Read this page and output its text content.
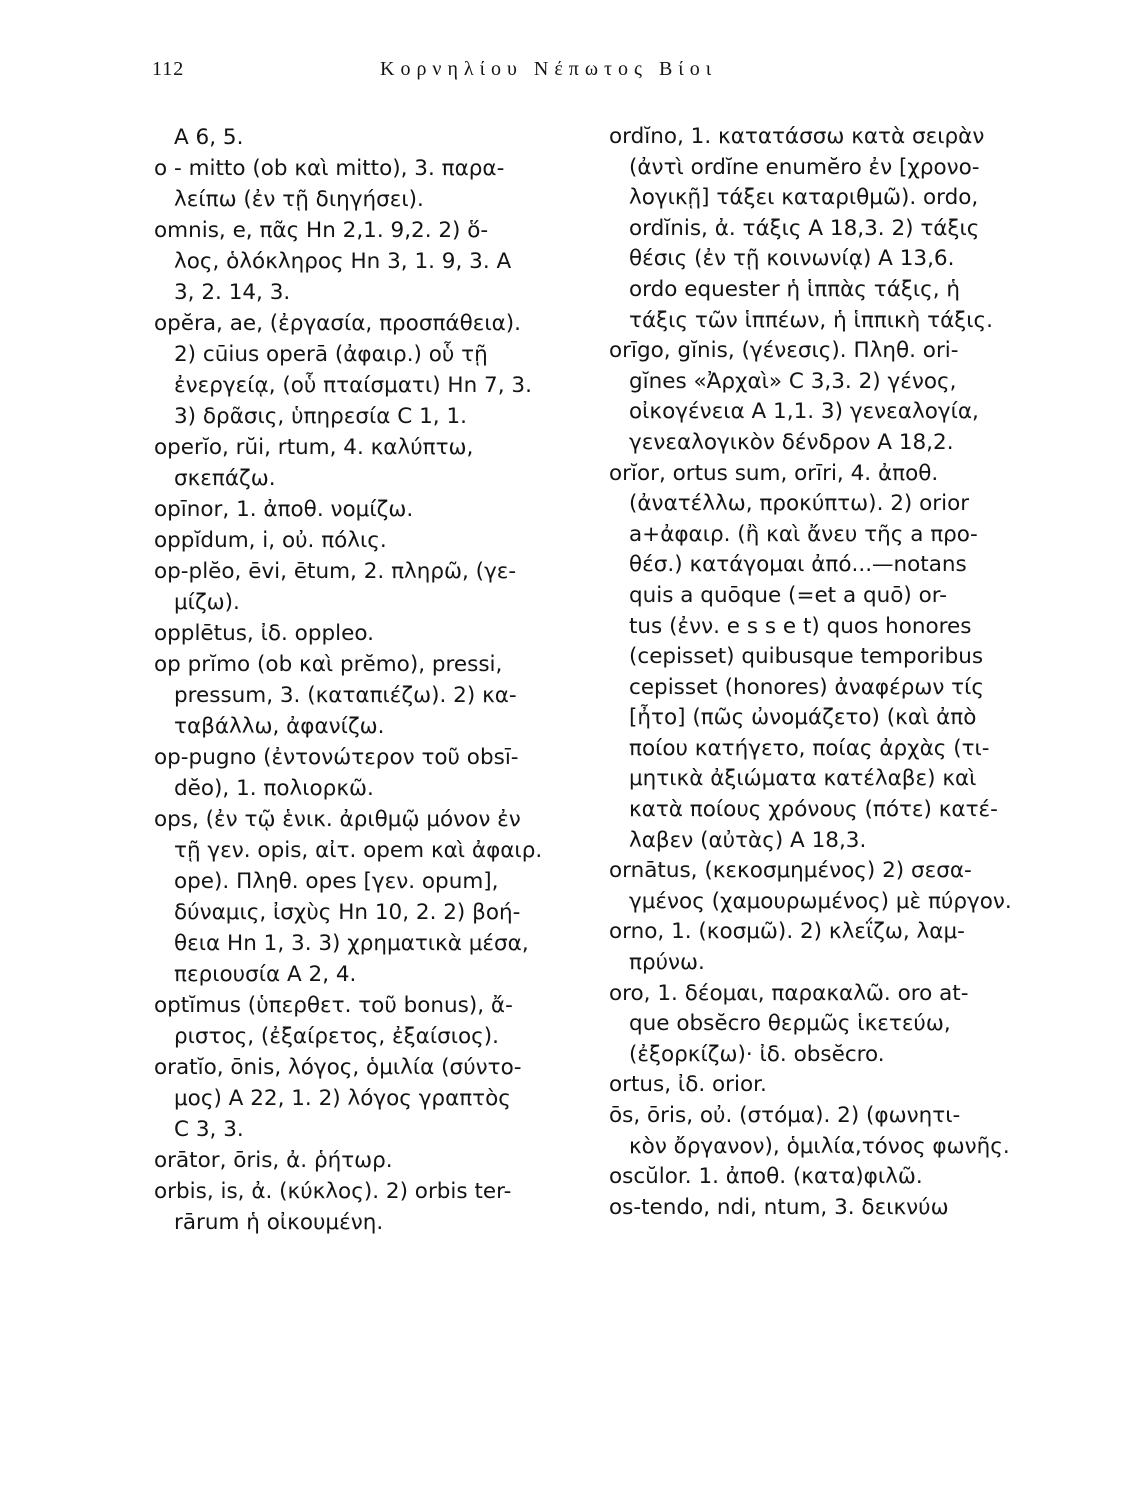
112	Κορνηλίου Νέπωτος Βίοι
A 6, 5.
o - mitto (ob καὶ mitto), 3. παρα-
λείπω (ἐν τῇ διηγήσει).
omnis, e, πᾶς Hn 2,1. 9,2. 2) ὅ-
λος, ὁλόκληρος Hn 3, 1. 9, 3. A
3, 2. 14, 3.
opĕra, ae, (ἐργασία, προσπάθεια).
2) cūius operā (ἀφαιρ.) οὗ τῇ
ἐνεργείᾳ, (οὗ πταίσματι) Hn 7, 3.
3) δρᾶσις, ὑπηρεσία C 1, 1.
operĭo, rŭi, rtum, 4. καλύπτω,
σκεπάζω.
opīnor, 1. ἀποθ. νομίζω.
oppĭdum, i, οὐ. πόλις.
op-plĕo, ēvi, ētum, 2. πληρῶ, (γε-
μίζω).
opplētus, ἰδ. oppleo.
op prĭmo (ob καὶ prĕmo), pressi,
pressum, 3. (καταπιέζω). 2) κα-
ταβάλλω, ἀφανίζω.
op-pugno (ἐντονώτερον τοῦ obsī-
dĕo), 1. πολιορκῶ.
ops, (ἐν τῷ ἑνικ. ἀριθμῷ μόνον ἐν
τῇ γεν. opis, αἰτ. opem καὶ ἀφαιρ.
ope). Πληθ. opes [γεν. opum],
δύναμις, ἰσχὺς Hn 10, 2. 2) βοή-
θεια Hn 1, 3. 3) χρηματικὰ μέσα,
περιουσία A 2, 4.
optĭmus (ὑπερθετ. τοῦ bonus), ἄ-
ριστος, (ἐξαίρετος, ἐξαίσιος).
oratĭo, ōnis, λόγος, ὁμιλία (σύντο-
μος) A 22, 1. 2) λόγος γραπτὸς
C 3, 3.
orātor, ōris, ἀ. ῥήτωρ.
orbis, is, ἀ. (κύκλος). 2) orbis ter-
rārum ἡ οἰκουμένη.
ordĭno, 1. κατατάσσω κατὰ σειρὰν
(ἀντὶ ordĭne enumĕro ἐν [χρονο-
λογικῇ] τάξει καταριθμῶ). ordo,
ordĭnis, ἀ. τάξις A 18,3. 2) τάξις
θέσις (ἐν τῇ κοινωνίᾳ) A 13,6.
ordo equester ἡ ἱππὰς τάξις, ἡ
τάξις τῶν ἱππέων, ἡ ἱππικὴ τάξις.
orīgo, gĭnis, (γένεσις). Πληθ. ori-
gĭnes «Ἀρχαὶ» C 3,3. 2) γένος,
οἰκογένεια A 1,1. 3) γενεαλογία,
γενεαλογικὸν δένδρον A 18,2.
orĭor, ortus sum, orīri, 4. ἀποθ.
(ἀνατέλλω, προκύπτω). 2) orior
a+ἀφαιρ. (ἢ καὶ ἄνευ τῆς a προ-
θέσ.) κατάγομαι ἀπό...—notans
quis a quōque (=et a quō) or-
tus (ἐνν. e s s e t) quos honores
(cepisset) quibusque temporibus
cepisset (honores) ἀναφέρων τίς
[ἦτο] (πῶς ὠνομάζετο) (καὶ ἀπὸ
ποίου κατήγετο, ποίας ἀρχὰς (τι-
μητικὰ ἀξιώματα κατέλαβε) καὶ
κατὰ ποίους χρόνους (πότε) κατέ-
λαβεν (αὐτὰς) A 18,3.
ornātus, (κεκοσμημένος) 2) σεσα-
γμένος (χαμουρωμένος) μὲ πύργον.
orno, 1. (κοσμῶ). 2) κλεΐζω, λαμ-
πρύνω.
oro, 1. δέομαι, παρακαλῶ. oro at-
que obsĕcro θερμῶς ἱκετεύω,
(ἐξορκίζω)· ἰδ. obsĕcro.
ortus, ἰδ. orior.
ōs, ōris, οὐ. (στόμα). 2) (φωνητι-
κὸν ὄργανον), ὁμιλία,τόνος φωνῆς.
oscŭlor. 1. ἀποθ. (κατα)φιλῶ.
os-tendo, ndi, ntum, 3. δεικνύω
